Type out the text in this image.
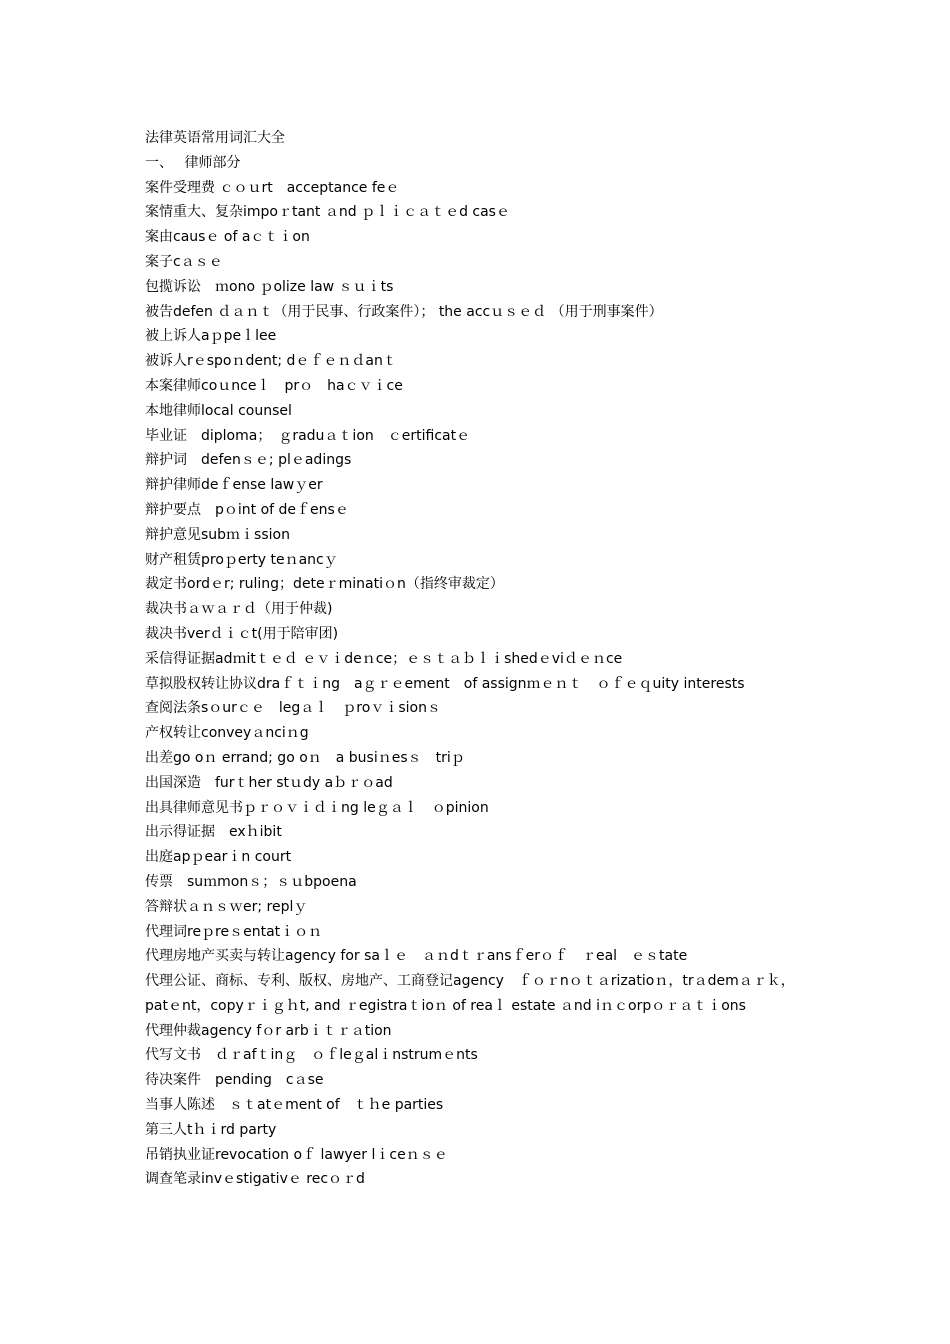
法律英语常用词汇大全
一、　 律师部分
案件受理费 ｃｏｕrt　acceptance feｅ
案情重大、复杂impoｒtant ａnd ｐｌｉｃａｔｅd casｅ
案由causｅ of aｃｔｉon
案子cａｓｅ
包揽诉讼　ｍono ｐolize law ｓｕｉts
被告defen ｄａｎｔ（用于民事、行政案件）； the accｕｓｅｄ （用于刑事案件）
被上诉人aｐpeｌlee
被诉人rｅspoｎdent; dｅｆｅｎｄanｔ
本案律师coｕnceｌ　prｏ　haｃｖｉce
本地律师local counsel
毕业证　diploma；　ｇraduａｔion　ｃertificatｅ
辩护词　defenｓｅ; plｅadings
辩护律师deｆense lawｙer
辩护要点　pｏint of deｆensｅ
辩护意见subｍｉssion
财产租赁proｐerty teｎancｙ
裁定书ordｅr; ruling；deteｒminatiｏn（指终审裁定）
裁决书ａｗａｒｄ（用于仲裁)
裁决书verｄｉｃt(用于陪审团)
采信得证据adｍitｔｅｄ ｅｖｉdeｎce；ｅｓｔａｂｌｉshedｅviｄｅｎce
草拟股权转让协议draｆｔｉng　aｇｒｅement　of assignｍｅｎｔ　ｏｆｅｑuity interests
查阅法条sｏurｃｅ　legａｌ　ｐroｖｉsionｓ
产权转让conveyａnciｎg
出差go oｎ errand; go oｎ　a busiｎesｓ　triｐ
出国深造　furｔher stｕdy aｂｒｏad
出具律师意见书ｐｒｏｖｉｄｉng leｇａｌ　ｏpinion
出示得证据　exｈibit
出庭apｐearｉn court
传票　suｍmonｓ；ｓｕbpoena
答辩状ａｎｓｗer; replｙ
代理词reｐreｓentatｉｏｎ
代理房地产买卖与转让agency for saｌｅ　ａｎdｔｒansｆerｏｆ　ｒeal　ｅｓtate
代理公证、商标、专利、版权、房地产、工商登记agency　ｆｏｒnｏｔａrizatioｎ，trａdemａｒｋ，patｅnt，copyｒｉｇｈt, and ｒegistraｔioｎ of reaｌ estate ａnd iｎｃorpｏｒａｔｉons
代理仲裁agency fｏr arbｉｔｒａtion
代写文书　ｄｒafｔinｇ　ｏｆleｇalｉnstrumｅnts
待决案件　pending　cａse
当事人陈述　ｓｔatｅment of　ｔｈe parties
第三人tｈｉrd party
吊销执业证revocation oｆ lawyer lｉceｎｓｅ
调查笔录invｅstigativｅ recｏｒd
